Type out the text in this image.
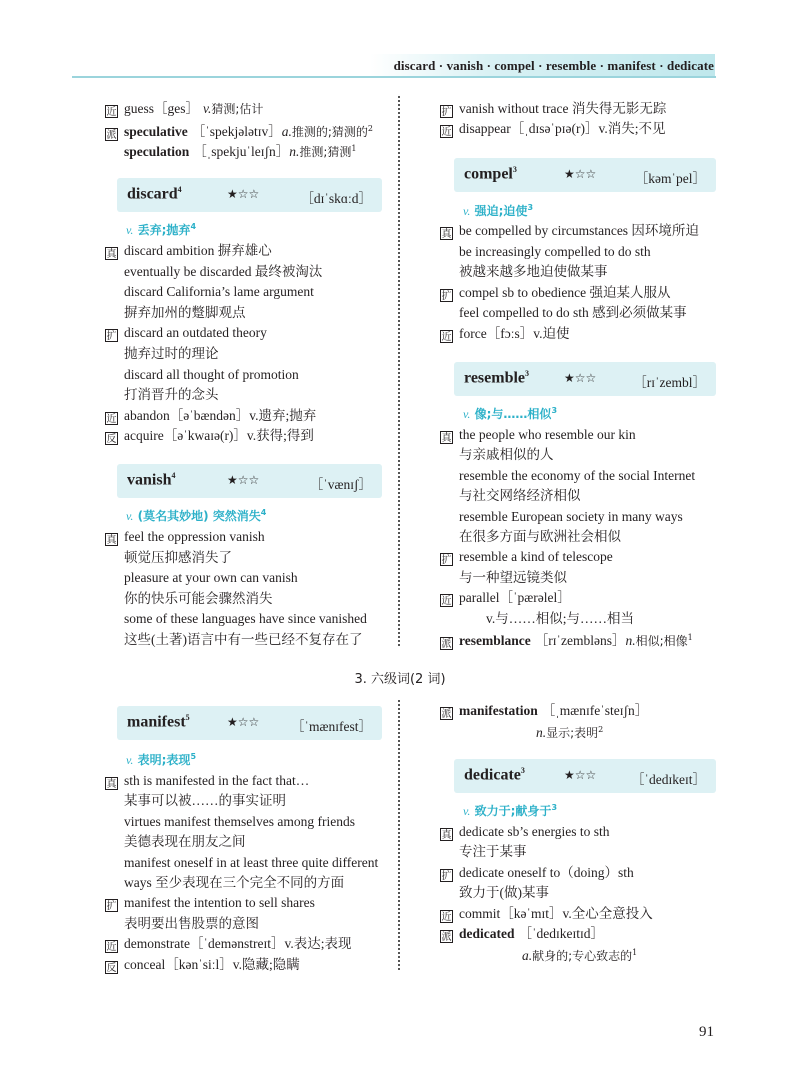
discard · vanish · compel · resemble · manifest · dedicate
近 guess［ges］ v.猜测;估计
派 speculative ［ˈspekjələtɪv］a.推测的;猜测的$^2$
speculation ［ˌspekjuˈleɪʃn］n.推测;猜测$^1$
discard$^4$	★☆☆	［dɪˈskɑːd］
v. 丢弃;抛弃$^4$
真 discard ambition 摒弃雄心
eventually be discarded 最终被淘汰
discard California’s lame argument
摒弃加州的蹩脚观点
扩 discard an outdated theory
抛弃过时的理论
discard all thought of promotion
打消晋升的念头
近 abandon［əˈbændən］v.遗弃;抛弃
反 acquire［əˈkwaɪə(r)］v.获得;得到
vanish$^4$	★☆☆	［ˈvænɪʃ］
v. (莫名其妙地) 突然消失$^4$
真 feel the oppression vanish
顿觉压抑感消失了
pleasure at your own can vanish
你的快乐可能会骤然消失
some of these languages have since vanished
这些(土著)语言中有一些已经不复存在了
扩 vanish without trace 消失得无影无踪
近 disappear［ˌdɪsəˈpɪə(r)］v.消失;不见
compel$^3$	★☆☆	［kəmˈpel］
v. 强迫;迫使$^3$
真 be compelled by circumstances 因环境所迫
be increasingly compelled to do sth
被越来越多地迫使做某事
扩 compel sb to obedience 强迫某人服从
feel compelled to do sth 感到必须做某事
近 force［fɔːs］v.迫使
resemble$^3$	★☆☆	［rɪˈzembl］
v. 像;与……相似$^3$
真 the people who resemble our kin
与亲戚相似的人
resemble the economy of the social Internet
与社交网络经济相似
resemble European society in many ways
在很多方面与欧洲社会相似
扩 resemble a kind of telescope
与一种望远镜类似
近 parallel［ˈpærəlel］
v.与……相似;与……相当
派 resemblance ［rɪˈzembləns］n.相似;相像$^1$
3. 六级词(2 词)
manifest$^5$	★☆☆ ［ˈmænɪfest］
v. 表明;表现$^5$
真 sth is manifested in the fact that…
某事可以被……的事实证明
virtues manifest themselves among friends
美德表现在朋友之间
manifest oneself in at least three quite different
ways 至少表现在三个完全不同的方面
扩 manifest the intention to sell shares
表明要出售股票的意图
近 demonstrate［ˈdemənstreɪt］v.表达;表现
反 conceal［kənˈsiːl］v.隐藏;隐瞒
派 manifestation ［ˌmænɪfeˈsteɪʃn］
n.显示;表明$^2$
dedicate$^3$	★☆☆	［ˈdedɪkeɪt］
v. 致力于;献身于$^3$
真 dedicate sb’s energies to sth
专注于某事
扩 dedicate oneself to（doing）sth
致力于(做)某事
近 commit［kəˈmɪt］v.全心全意投入
派 dedicated ［ˈdedɪkeɪtɪd］
a.献身的;专心致志的$^1$
91
